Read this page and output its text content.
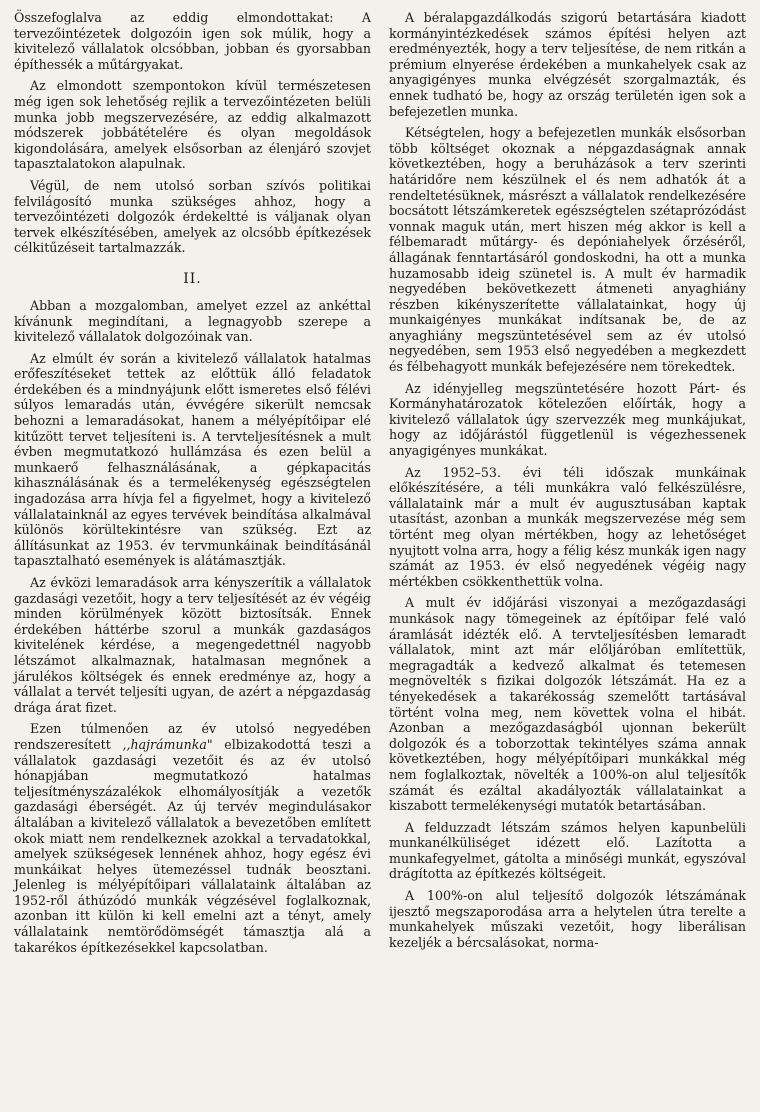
Összefoglalva az eddig elmondottakat: A tervezőintézetek dolgozóin igen sok múlik, hogy a kivitelező vállalatok olcsóbban, jobban és gyorsabban építhessék a műtárgyakat.

Az elmondott szempontokon kívül természetesen még igen sok lehetőség rejlik a tervezőintézeten belüli munka jobb megszervezésére, az eddig alkalmazott módszerek jobbátételére és olyan megoldások kigondolására, amelyek elsősorban az élenjáró szovjet tapasztalatokon alapulnak.

Végül, de nem utolsó sorban szívós politikai felvilágosító munka szükséges ahhoz, hogy a tervezőintézeti dolgozók érdekeltté is váljanak olyan tervek elkészítésében, amelyek az olcsóbb építkezések célkitűzéseit tartalmazzák.

II.

Abban a mozgalomban, amelyet ezzel az ankéttal kívánunk megindítani, a legnagyobb szerepe a kivitelező vállalatok dolgozóinak van.

Az elmúlt év során a kivitelező vállalatok hatalmas erőfeszítéseket tettek az előttük álló feladatok érdekében és a mindnyájunk előtt ismeretes első félévi súlyos lemaradás után, évvégére sikerült nemcsak behozni a lemaradásokat, hanem a mélyépítőipar elé kitűzött tervet teljesíteni is. A tervteljesítésnek a mult évben megmutatkozó hullámzása és ezen belül a munkaerő felhasználásának, a gépkapacitás kihasználásának és a termelékenység egészségtelen ingadozása arra hívja fel a figyelmet, hogy a kivitelező vállalatainknál az egyes tervévek beindítása alkalmával különös körültekintésre van szükség. Ezt az állításunkat az 1953. év tervmunkáinak beindításánál tapasztalható események is alátámasztják.

Az évközi lemaradások arra kényszerítik a vállalatok gazdasági vezetőit, hogy a terv teljesítését az év végéig minden körülmények között biztosítsák. Ennek érdekében háttérbe szorul a munkák gazdaságos kivitelének kérdése, a megengedettnél nagyobb létszámot alkalmaznak, hatalmasan megnőnek a járulékos költségek és ennek eredménye az, hogy a vállalat a tervét teljesíti ugyan, de azért a népgazdaság drága árat fizet.

Ezen túlmenően az év utolsó negyedében rendszeresített ,,hajrámunka" elbizakodottá teszi a vállalatok gazdasági vezetőit és az év utolsó hónapjában megmutatkozó hatalmas teljesítményszázalékok elhomályosítják a vezetők gazdasági éberségét. Az új tervév megindulásakor általában a kivitelező vállalatok a bevezetőben említett okok miatt nem rendelkeznek azokkal a tervadatokkal, amelyek szükségesek lennének ahhoz, hogy egész évi munkáikat helyes ütemezéssel tudnák beosztani. Jelenleg is mélyépítőipari vállalataink általában az 1952-ről áthúzódó munkák végzésével foglalkoznak, azonban itt külön ki kell emelni azt a tényt, amely vállalataink nemtörődömségét támasztja alá a takarékos építkezésekkel kapcsolatban.

A béralapgazdálkodás szigorú betartására kiadott kormányintézkedések számos építési helyen azt eredményezték, hogy a terv teljesítése, de nem ritkán a prémium elnyerése érdekében a munkahelyek csak az anyagigényes munka elvégzését szorgalmazták, és ennek tudható be, hogy az ország területén igen sok a befejezetlen munka.

Kétségtelen, hogy a befejezetlen munkák elsősorban több költséget okoznak a népgazdaságnak annak következtében, hogy a beruházások a terv szerinti határidőre nem készülnek el és nem adhatók át a rendeltetésüknek, másrészt a vállalatok rendelkezésére bocsátott létszámkeretek egészségtelen szétaprózódást vonnak maguk után, mert hiszen még akkor is kell a félbemaradt műtárgy- és depóniahelyek őrzéséről, állagának fenntartásáról gondoskodni, ha ott a munka huzamosabb ideig szünetel is. A mult év harmadik negyedében bekövetkezett átmeneti anyaghiány részben kikényszerítette vállalatainkat, hogy új munkaigényes munkákat indítsanak be, de az anyaghiány megszüntetésével sem az év utolsó negyedében, sem 1953 első negyedében a megkezdett és félbehagyott munkák befejezésére nem törekedtek.

Az idényjelleg megszüntetésére hozott Párt- és Kormányhatározatok kötelezően előírták, hogy a kivitelező vállalatok úgy szervezzék meg munkájukat, hogy az időjárástól függetlenül is végezhessenek anyagigényes munkákat.

Az 1952–53. évi téli időszak munkáinak előkészítésére, a téli munkákra való felkészülésre, vállalataink már a mult év augusztusában kaptak utasítást, azonban a munkák megszervezése még sem történt meg olyan mértékben, hogy az lehetőséget nyujtott volna arra, hogy a félig kész munkák igen nagy számát az 1953. év első negyedének végéig nagy mértékben csökkenthettük volna.

A mult év időjárási viszonyai a mezőgazdasági munkások nagy tömegeinek az építőipar felé való áramlását idézték elő. A tervteljesítésben lemaradt vállalatok, mint azt már előljáróban említettük, megragadták a kedvező alkalmat és tetemesen megnövelték s fizikai dolgozók létszámát. Ha ez a tényekedések a takarékosság szemelőtt tartásával történt volna meg, nem követtek volna el hibát. Azonban a mezőgazdaságból ujonnan bekerült dolgozók és a toborzottak tekintélyes száma annak következtében, hogy mélyépítőipari munkákkal még nem foglalkoztak, növelték a 100%-on alul teljesítők számát és ezáltal akadályozták vállalatainkat a kiszabott termelékenységi mutatók betartásában.

A felduzzadt létszám számos helyen kapunbelüli munkanélküliséget idézett elő. Lazította a munkafegyelmet, gátolta a minőségi munkát, egyszóval drágította az építkezés költségeit.

A 100%-on alul teljesítő dolgozók létszámának ijesztő megszaporodása arra a helytelen útra terelte a munkahelyek műszaki vezetőit, hogy liberálisan kezeljék a bércsalásokat, norma-
